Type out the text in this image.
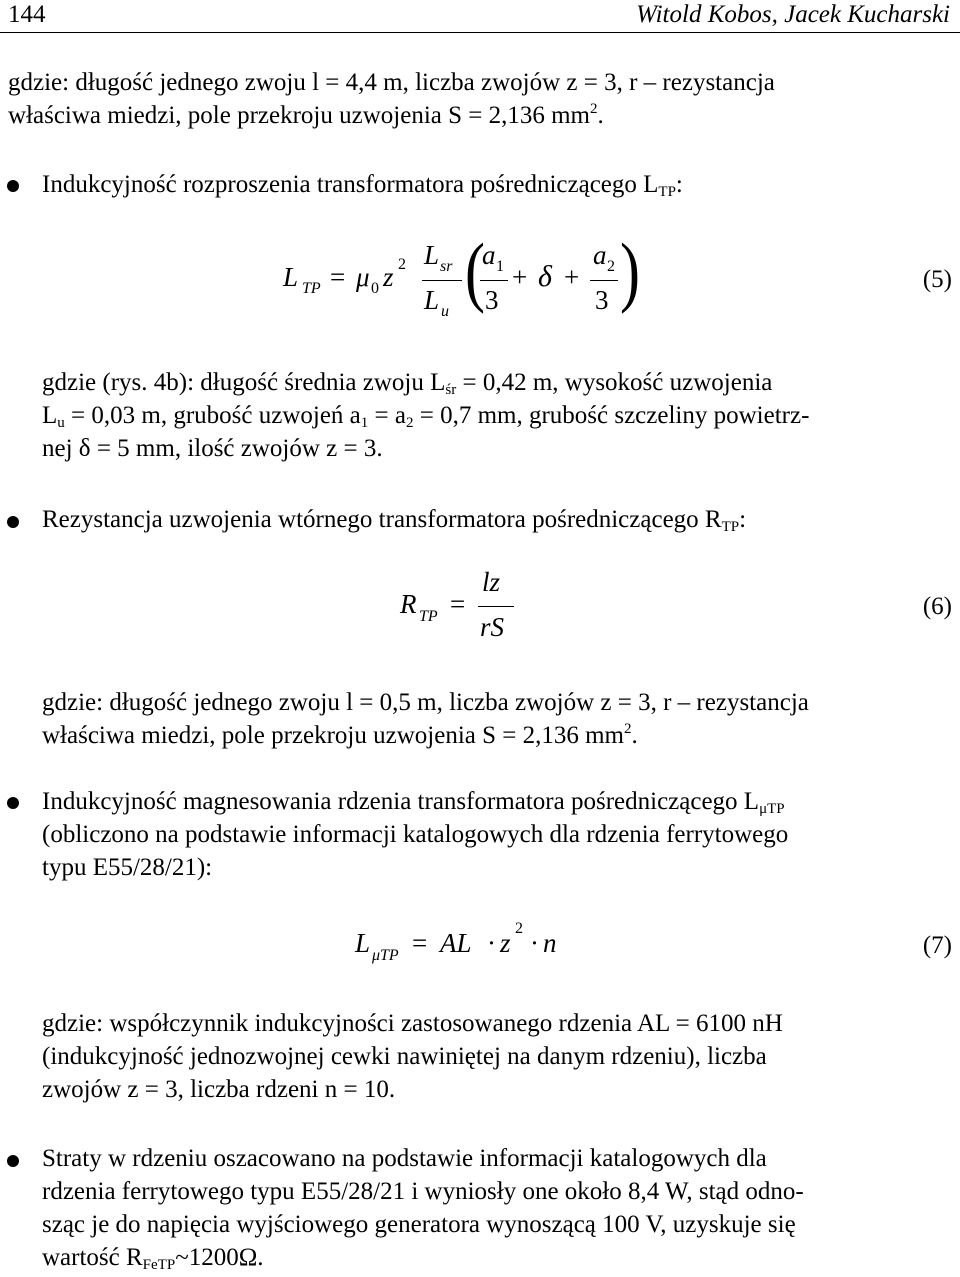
144	Witold Kobos, Jacek Kucharski
gdzie: długość jednego zwoju l = 4,4 m, liczba zwojów z = 3, r – rezystancja
właściwa miedzi, pole przekroju uzwojenia S = 2,136 $mm^2$.
Indukcyjność rozproszenia transformatora pośredniczącego $L_{TP}$:
L TP = μ 0 z 2 L sr
L u (
a 1
3
+ δ +
a 2
3 )	(5)
gdzie (rys. 4b): długość średnia zwoju $L_{śr} = 0,42$ m, wysokość uzwojenia
$L_u = 0,03$ m, grubość uzwojeń $a_1 = a_2 = 0,7$ mm, grubość szczeliny powietrz-
nej δ = 5 mm, ilość zwojów z = 3.
Rezystancja uzwojenia wtórnego transformatora pośredniczącego $R_{TP}$:
R TP =
lz
rS
(6)
gdzie: długość jednego zwoju l = 0,5 m, liczba zwojów z = 3, r – rezystancja
właściwa miedzi, pole przekroju uzwojenia S = 2,136 $mm^2$.
Indukcyjność magnesowania rdzenia transformatora pośredniczącego $L_{\mu TP}$
(obliczono na podstawie informacji katalogowych dla rdzenia ferrytowego
typu E55/28/21):
L μTP = AL · z 2 · n	(7)
gdzie: współczynnik indukcyjności zastosowanego rdzenia AL = 6100 nH
(indukcyjność jednozwojnej cewki nawiniętej na danym rdzeniu), liczba
zwojów z = 3, liczba rdzeni n = 10.
Straty w rdzeniu oszacowano na podstawie informacji katalogowych dla
rdzenia ferrytowego typu E55/28/21 i wyniosły one około 8,4 W, stąd odno-
sząc je do napięcia wyjściowego generatora wynoszącą 100 V, uzyskuje się
wartość $R_{FeTP}\sim 1200\Omega$.
